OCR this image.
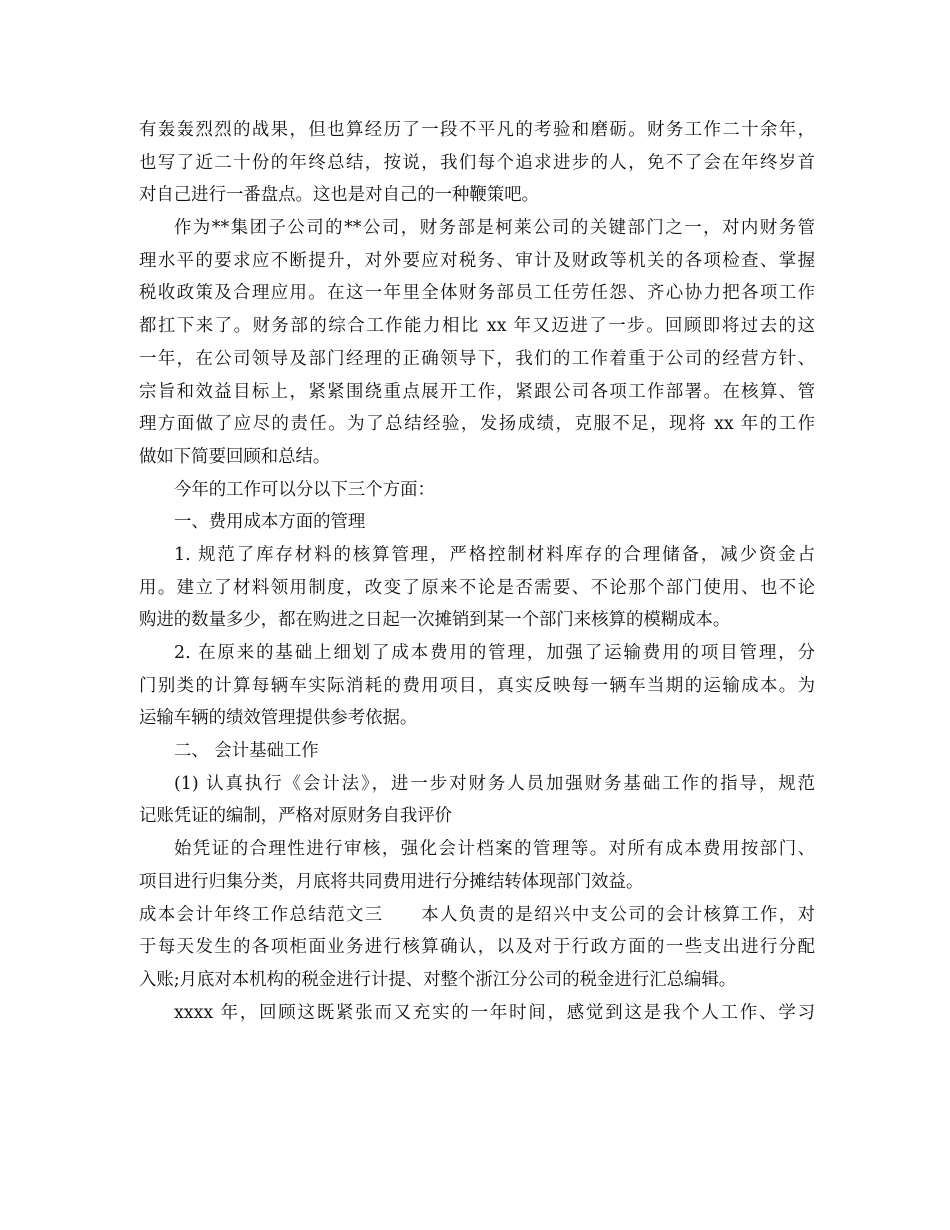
有轰轰烈烈的战果，但也算经历了一段不平凡的考验和磨砺。财务工作二十余年，
也写了近二十份的年终总结，按说，我们每个追求进步的人，免不了会在年终岁首
对自己进行一番盘点。这也是对自己的一种鞭策吧。
作为**集团子公司的**公司，财务部是柯莱公司的关键部门之一，对内财务管
理水平的要求应不断提升，对外要应对税务、审计及财政等机关的各项检查、掌握
税收政策及合理应用。在这一年里全体财务部员工任劳任怨、齐心协力把各项工作
都扛下来了。财务部的综合工作能力相比 xx 年又迈进了一步。回顾即将过去的这
一年，在公司领导及部门经理的正确领导下，我们的工作着重于公司的经营方针、
宗旨和效益目标上，紧紧围绕重点展开工作，紧跟公司各项工作部署。在核算、管
理方面做了应尽的责任。为了总结经验，发扬成绩，克服不足，现将 xx 年的工作
做如下简要回顾和总结。
今年的工作可以分以下三个方面：
一、费用成本方面的管理
1. 规范了库存材料的核算管理，严格控制材料库存的合理储备，减少资金占
用。建立了材料领用制度，改变了原来不论是否需要、不论那个部门使用、也不论
购进的数量多少，都在购进之日起一次摊销到某一个部门来核算的模糊成本。
2. 在原来的基础上细划了成本费用的管理，加强了运输费用的项目管理，分
门别类的计算每辆车实际消耗的费用项目，真实反映每一辆车当期的运输成本。为
运输车辆的绩效管理提供参考依据。
二、 会计基础工作
(1) 认真执行《会计法》，进一步对财务人员加强财务基础工作的指导，规范
记账凭证的编制，严格对原财务自我评价
始凭证的合理性进行审核，强化会计档案的管理等。对所有成本费用按部门、
项目进行归集分类，月底将共同费用进行分摊结转体现部门效益。
成本会计年终工作总结范文三　　本人负责的是绍兴中支公司的会计核算工作，对
于每天发生的各项柜面业务进行核算确认，以及对于行政方面的一些支出进行分配
入账;月底对本机构的税金进行计提、对整个浙江分公司的税金进行汇总编辑。
xxxx 年，回顾这既紧张而又充实的一年时间，感觉到这是我个人工作、学习
